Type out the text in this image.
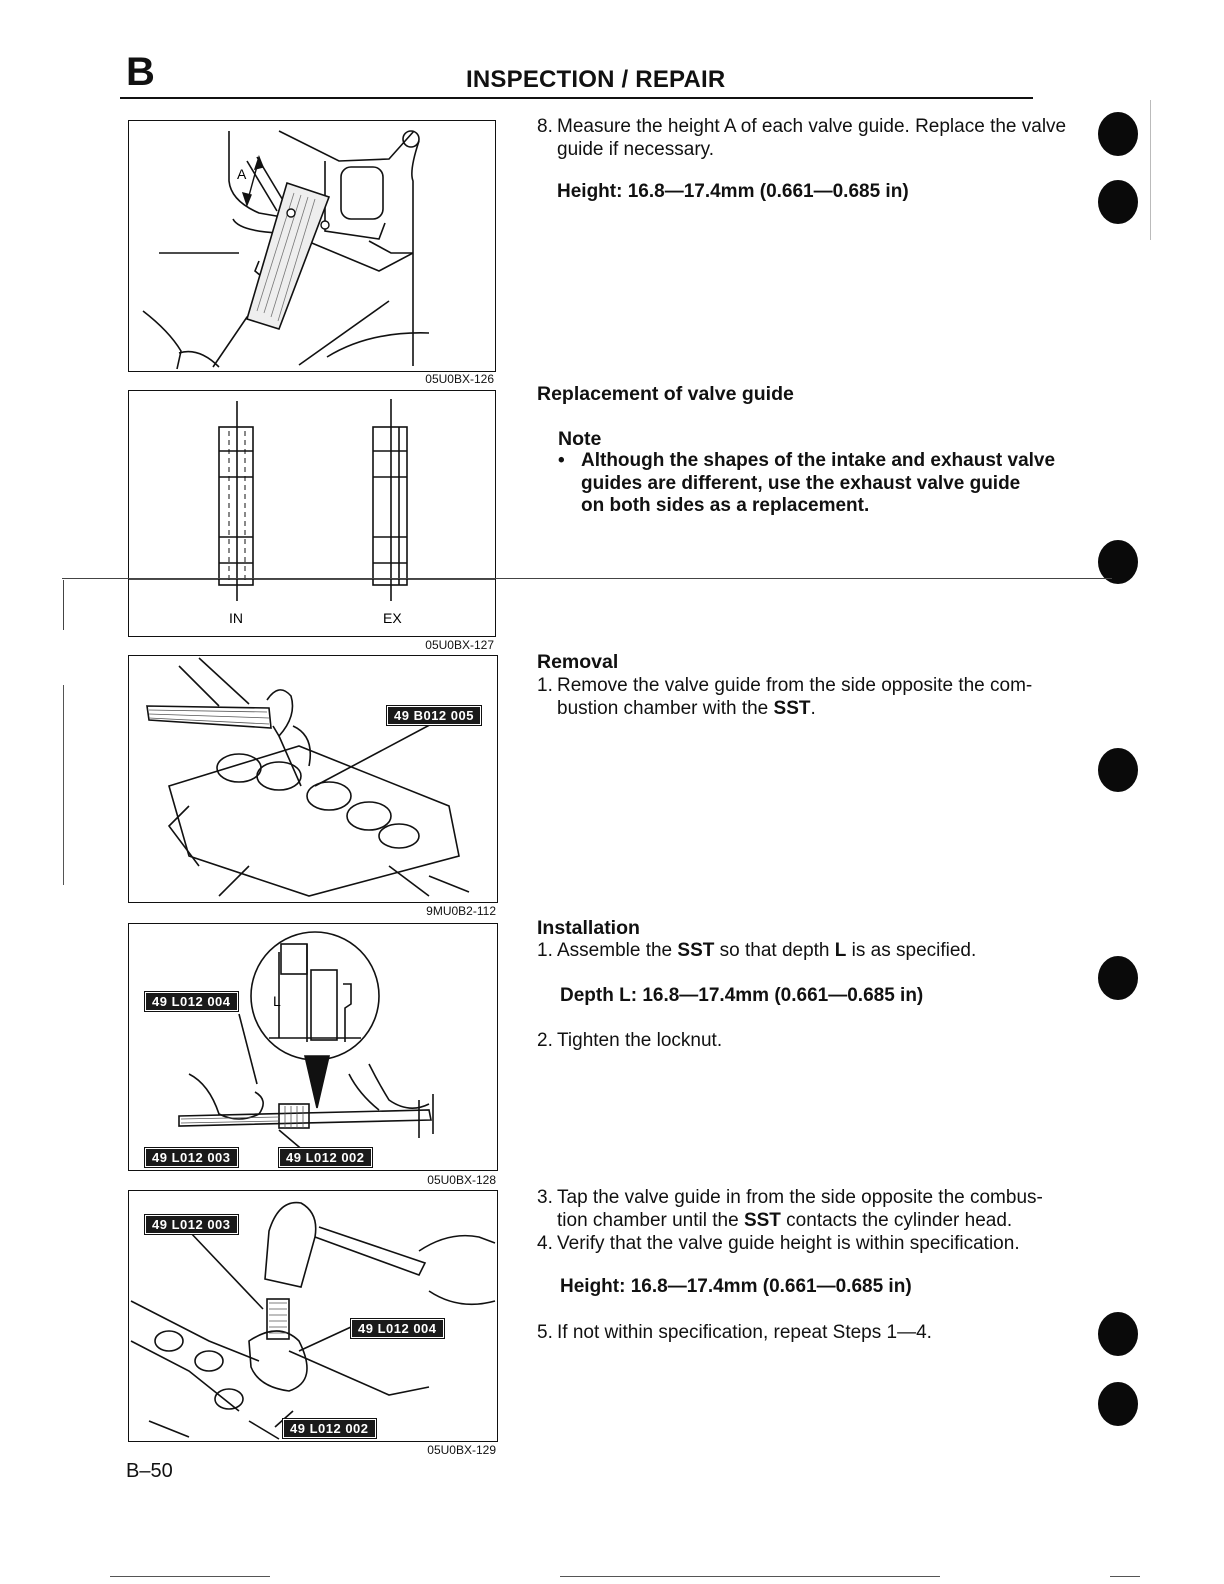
B	INSPECTION / REPAIR
A
05U0BX-126
IN	EX
05U0BX-127
49 B012 005
9MU0B2-112
L
49 L012 004
49 L012 003	49 L012 002
05U0BX-128
49 L012 003
49 L012 004
49 L012 002
05U0BX-129
8. Measure the height A of each valve guide. Replace the valve
guide if necessary.
Height: 16.8—17.4mm (0.661—0.685 in)
Replacement of valve guide
Note
• Although the shapes of the intake and exhaust valve
guides are different, use the exhaust valve guide
on both sides as a replacement.
Removal
1. Remove the valve guide from the side opposite the com-
bustion chamber with the SST.
Installation
1. Assemble the SST so that depth L is as specified.
Depth L: 16.8—17.4mm (0.661—0.685 in)
2. Tighten the locknut.
3. Tap the valve guide in from the side opposite the combus-
tion chamber until the SST contacts the cylinder head.
4. Verify that the valve guide height is within specification.
Height: 16.8—17.4mm (0.661—0.685 in)
5. If not within specification, repeat Steps 1—4.
B–50
